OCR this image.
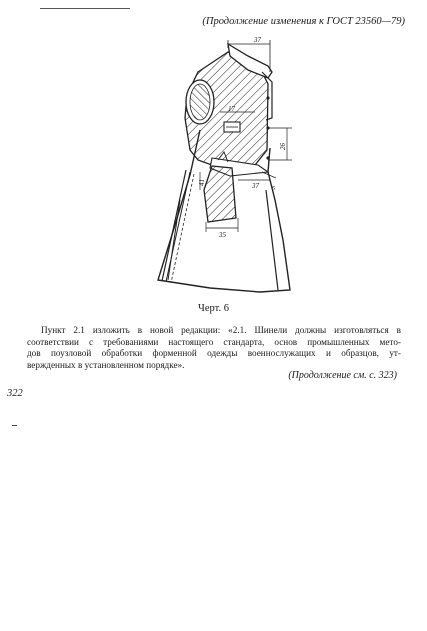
(Продолжение изменения к ГОСТ 23560—79)
37
17
26
37 5
41
35
Черт. 6
Пункт 2.1 изложить в новой редакции: «2.1. Шинели должны изготовляться в
соответствии с требованиями настоящего стандарта, основ промышленных мето-
дов поузловой обработки форменной одежды военнослужащих и образцов, ут-
вержденных в установленном порядке».
(Продолжение см. с. 323)
322
